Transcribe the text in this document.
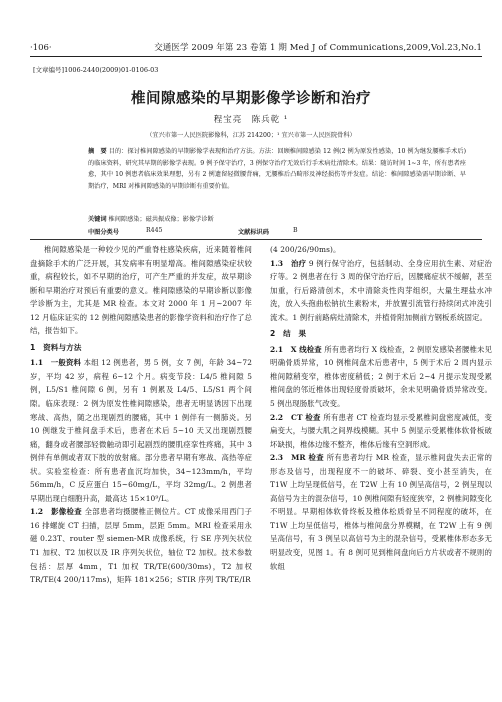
·106·	交通医学 2009 年第 23 卷第 1 期 Med J of Communications,2009,Vol.23,No.1
[文章编号]1006-2440(2009)01-0106-03
椎间隙感染的早期影像学诊断和治疗
程宝亮　陈兵乾 ¹
（宜兴市第一人民医院影像科，江苏 214200；¹ 宜兴市第一人民医院骨科）
摘　要 目的：探讨椎间隙感染的早期影像学表现和治疗方法。方法：回顾椎间隙感染 12 例(2 例为原发性感染，10 例为继发腰椎手术后)的临床资料，研究其早期的影像学表现。9 例予保守治疗，3 例保守治疗无效后行手术病灶清除术。结果：随访时间 1~3 年，所有患者痊愈，其中 10 例患者临床效果理想，另有 2 例遗留轻微腰背痛，无腰椎后凸畸形及神经损伤等并发症。结论：椎间隙感染需早期诊断、早期治疗，MRI 对椎间隙感染的早期诊断有重要价值。
关键词 椎间隙感染；磁共振成像；影像学诊断
中图分类号	R445	文献标识码	B

椎间隙感染是一种较少见的严重脊柱感染疾病，近来随着椎间盘摘除手术的广泛开展，其发病率有明显增高。椎间隙感染症状较重，病程较长，如不早期的治疗，可产生严重的并发症，故早期诊断和早期治疗对预后有重要的意义。椎间隙感染的早期诊断以影像学诊断为主，尤其是 MR 检查。本文对 2000 年 1 月~2007 年 12 月临床证实的 12 例椎间隙感染患者的影像学资料和治疗作了总结，报告如下。

1　资料与方法

1.1　一般资料 本组 12 例患者，男 5 例，女 7 例，年龄 34~72 岁，平均 42 岁，病程 6~12 个月。病变节段：L4/5 椎间隙 5 例，L5/S1 椎间隙 6 例，另有 1 例累及 L4/5、L5/S1 两个间隙。临床表现：2 例为原发性椎间隙感染，患者无明显诱因下出现寒战、高热，随之出现剧烈的腰痛，其中 1 例伴有一侧肺炎。另 10 例继发于椎间盘手术后，患者在术后 5~10 天又出现剧烈腰痛，翻身或者腰部轻微触动即引起剧烈的腰肌痉挛性疼痛，其中 3 例伴有单侧或者双下肢的放射痛。部分患者早期有寒战、高热等症状。实验室检查：所有患者血沉均加快，34~123mm/h，平均 56mm/h，C 反应蛋白 15~60mg/L，平均 32mg/L。2 例患者早期出现白细胞升高，最高达 15×10⁹/L。

1.2　影像检查 全部患者均摄腰椎正侧位片。CT 成像采用西门子 16 排螺旋 CT 扫描，层厚 5mm，层距 5mm。MRI 检查采用永磁 0.23T、router 型 siemen-MR 成像系统，行 SE 序列矢状位 T1 加权、T2 加权以及 IR 序列矢状位，轴位 T2 加权。技术参数包括：层厚 4mm，T1 加权 TR/TE(600/30ms)，T2 加权 TR/TE(4 200/117ms)，矩阵 181×256；STIR 序列 TR/TE/IR

(4 200/26/90ms)。

1.3　治疗 9 例行保守治疗，包括制动、全身应用抗生素、对症治疗等。2 例患者在行 3 周的保守治疗后，因腰痛症状不缓解，甚至加重，行后路清创术，术中清除炎性肉芽组织，大量生理盐水冲洗，放入头孢曲松钠抗生素粉末，并放置引流管行持续闭式冲洗引流术。1 例行前路病灶清除术，并植骨附加侧前方钢板系统固定。

2　结　果

2.1　X 线检查 所有患者均行 X 线检查，2 例原发感染者腰椎未见明确骨质异常，10 例椎间盘术后患者中，5 例于术后 2 周内显示椎间隙稍变窄，椎体密度稍低；2 例于术后 2~4 月提示发现受累椎间盘的邻近椎体出现轻度骨质破坏，余未见明确骨质异常改变。5 例出现肠胀气改变。

2.2　CT 检查 所有患者 CT 检查均显示受累椎间盘密度减低，变扁变大，与腰大肌之间界线模糊。其中 5 例显示受累椎体软骨板破坏缺损，椎体边缘不整齐，椎体后缘有空洞形成。

2.3　MR 检查 所有患者均行 MR 检查，显示椎间盘失去正常的形态及信号，出现程度不一的破坏、碎裂、变小甚至消失，在 T1W 上均呈现低信号，在 T2W 上有 10 例呈高信号，2 例呈现以高信号为主的混杂信号，10 例椎间隙有轻度狭窄，2 例椎间隙变化不明显。早期相体软骨终板及椎体松质骨呈不同程度的破坏，在 T1W 上均呈低信号，椎体与椎间盘分界模糊，在 T2W 上有 9 例呈高信号，有 3 例呈以高信号为主的混杂信号，受累椎体形态多无明显改变，见图 1。有 8 例可见到椎间盘向后方片状或者不规则的软组
